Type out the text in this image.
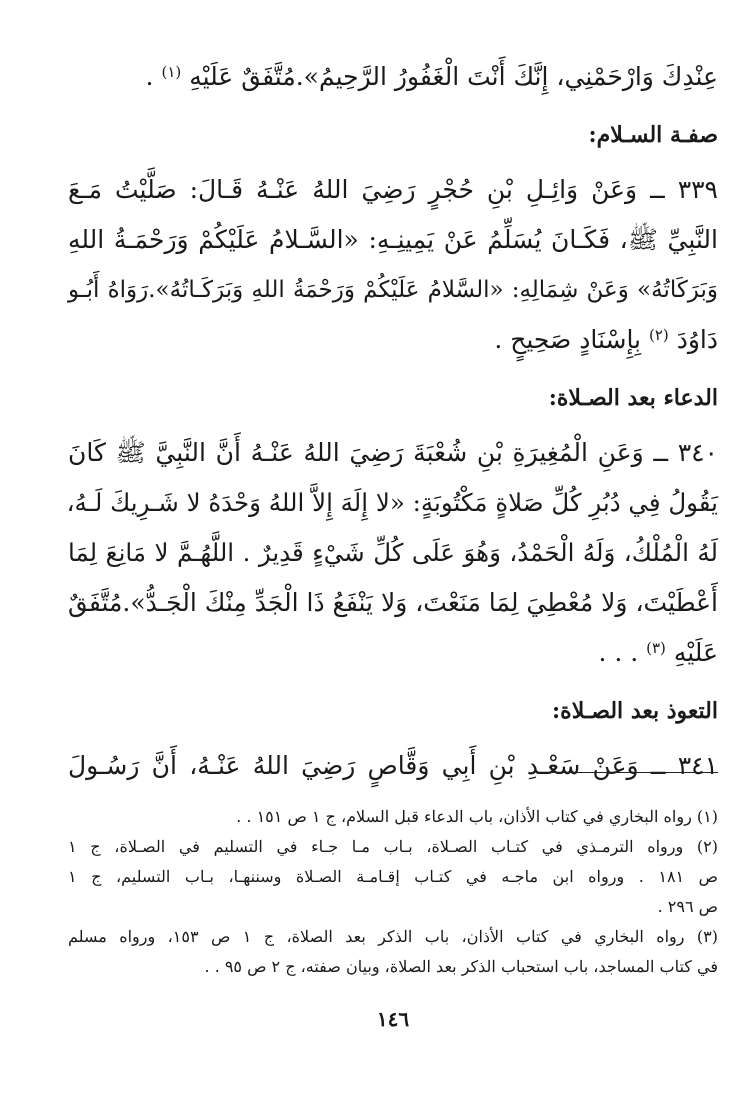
عِنْدِكَ وَارْحَمْنِي، إِنَّكَ أَنْتَ الْغَفُورُ الرَّحِيمُ».مُتَّفَقٌ عَلَيْهِ $^{(١)}$ .
صفـة السـلام:
٣٣٩ ــ وَعَنْ وَائِـلِ بْنِ حُجْرٍ رَضِيَ اللهُ عَنْـهُ قَـالَ: صَلَّيْتُ مَـعَ
النَّبِيِّ ﷺ، فَكَـانَ يُسَلِّمُ عَنْ يَمِينِـهِ: «السَّـلامُ عَلَيْكُمْ وَرَحْمَـةُ اللهِ
وَبَرَكَاتُهُ» وَعَنْ شِمَالِهِ: «السَّلامُ عَلَيْكُمْ وَرَحْمَةُ اللهِ وَبَرَكَـاتُهُ».رَوَاهُ أَبُـو
دَاوُدَ $^{(٢)}$ بِإِسْنَادٍ صَحِيحٍ .
الدعاء بعد الصـلاة:
٣٤٠ ــ وَعَنِ الْمُغِيرَةِ بْنِ شُعْبَةَ رَضِيَ اللهُ عَنْـهُ أَنَّ النَّبِيَّ ﷺ كَانَ
يَقُولُ فِي دُبُرِ كُلِّ صَلاةٍ مَكْتُوبَةٍ: «لا إِلَهَ إِلاَّ اللهُ وَحْدَهُ لا شَـرِيكَ لَـهُ،
لَهُ الْمُلْكُ، وَلَهُ الْحَمْدُ، وَهُوَ عَلَى كُلِّ شَيْءٍ قَدِيرٌ . اللَّهُـمَّ لا مَانِعَ لِمَا
أَعْطَيْتَ، وَلا مُعْطِيَ لِمَا مَنَعْتَ، وَلا يَنْفَعُ ذَا الْجَدِّ مِنْكَ الْجَـدُّ».مُتَّفَقٌ
عَلَيْهِ $^{(٣)}$ . . .
التعوذ بعد الصـلاة:
٣٤١ ــ وَعَنْ سَعْـدِ بْنِ أَبِي وَقَّاصٍ رَضِيَ اللهُ عَنْـهُ، أَنَّ رَسُـولَ
(١) رواه البخاري في كتاب الأذان، باب الدعاء قبل السلام، ج ١ ص ١٥١ . .
(٢) ورواه الترمـذي في كتـاب الصـلاة، بـاب مـا جـاء في التسليم في الصـلاة، ج ١
ص ١٨١ . ورواه ابن ماجـه في كتـاب إقـامـة الصـلاة وسننهـا، بـاب التسليم، ج ١
ص ٢٩٦ .
(٣) رواه البخاري في كتاب الأذان، باب الذكر بعد الصلاة، ج ١ ص ١٥٣، ورواه مسلم
في كتاب المساجد، باب استحباب الذكر بعد الصلاة، وبيان صفته، ج ٢ ص ٩٥ . .
١٤٦
